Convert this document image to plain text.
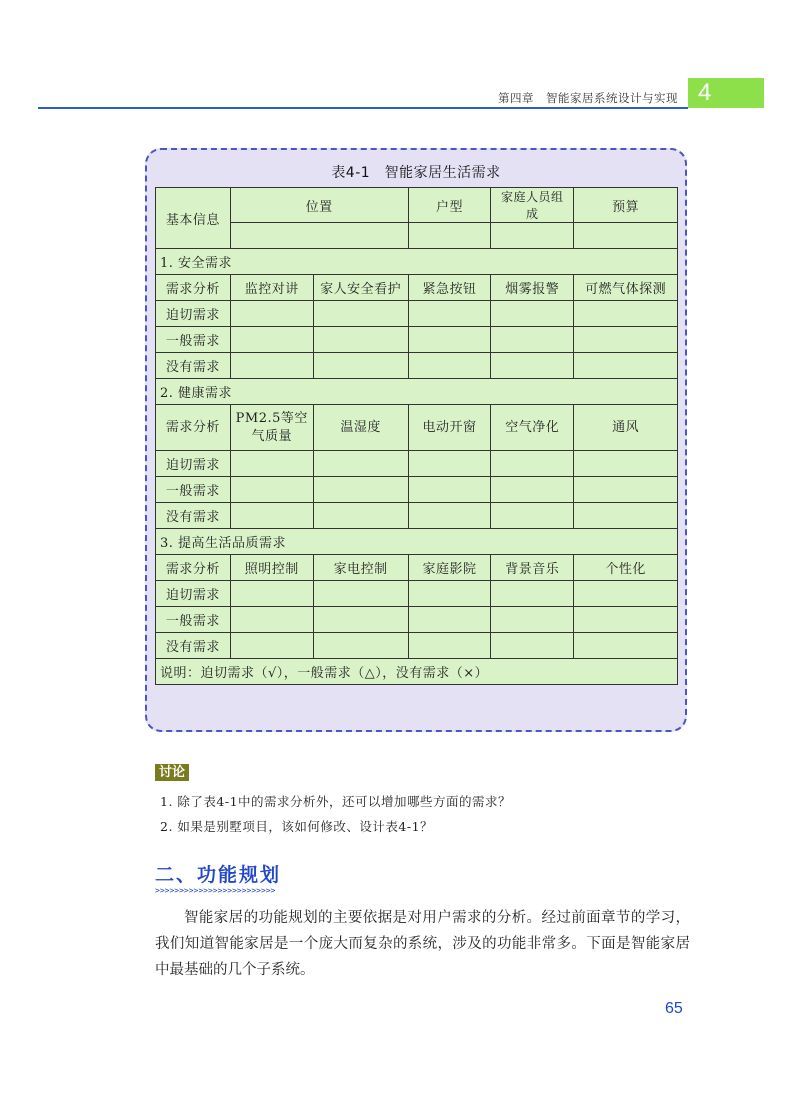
4
第四章　智能家居系统设计与实现
表4-1　智能家居生活需求
基本信息	位置		户型	家庭人员组成	预算

1. 安全需求					
需求分析	监控对讲	家人安全看护	紧急按钮	烟雾报警	可燃气体探测
迫切需求					
一般需求					
没有需求					
2. 健康需求					
需求分析	PM2.5等空气质量	温湿度	电动开窗	空气净化	通风
迫切需求					
一般需求					
没有需求					
3. 提高生活品质需求					
需求分析	照明控制	家电控制	家庭影院	背景音乐	个性化
迫切需求					
一般需求					
没有需求					
说明：迫切需求（√），一般需求（△），没有需求（×）					
讨论
1. 除了表4-1中的需求分析外，还可以增加哪些方面的需求？
2. 如果是别墅项目，该如何修改、设计表4-1？
二、功能规划
>>>>>>>>>>>>>>>>>>>>>>>>>
智能家居的功能规划的主要依据是对用户需求的分析。经过前面章节的学习，我们知道智能家居是一个庞大而复杂的系统，涉及的功能非常多。下面是智能家居中最基础的几个子系统。
65
